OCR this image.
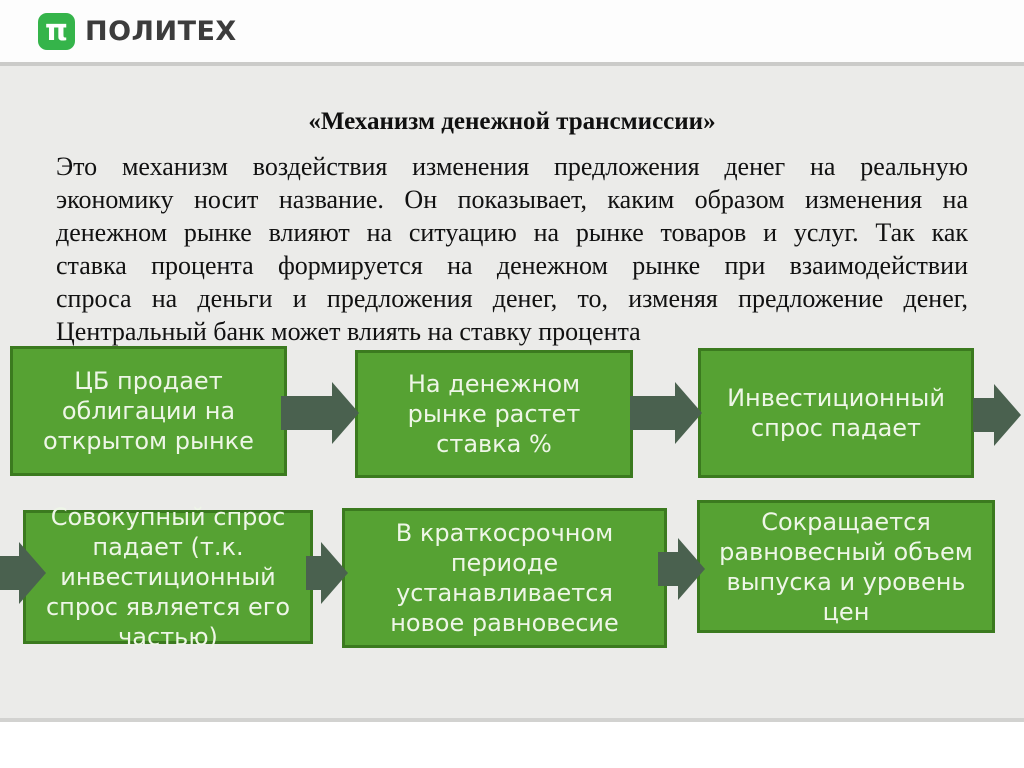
π ПОЛИТЕХ
«Механизм денежной трансмиссии»
Это механизм воздействия изменения предложения денег на реальную
экономику носит название. Он показывает, каким образом изменения на
денежном рынке влияют на ситуацию на рынке товаров и услуг. Так как
ставка процента формируется на денежном рынке при взаимодействии
спроса на деньги и предложения денег, то, изменяя предложение денег,
Центральный банк может влиять на ставку процента
ЦБ продает
облигации на
открытом рынке
На денежном
рынке растет
ставка %
Инвестиционный
спрос падает
Совокупный спрос
падает (т.к.
инвестиционный
спрос является его
частью)
В краткосрочном
периоде
устанавливается
новое равновесие
Сокращается
равновесный объем
выпуска и уровень
цен
